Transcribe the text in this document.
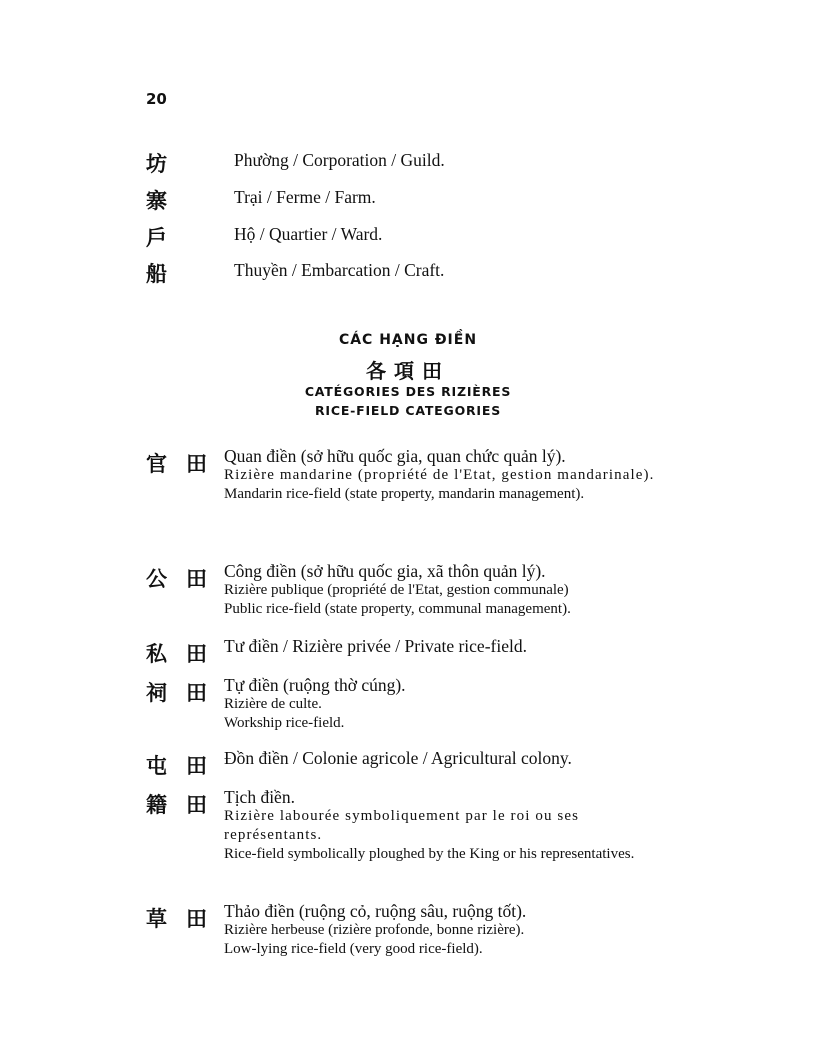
20
坊	Phường / Corporation / Guild.
寨	Trại / Ferme / Farm.
戶	Hộ / Quartier / Ward.
船	Thuyền / Embarcation / Craft.
CÁC HẠNG ĐIỀN
各項田
CATÉGORIES DES RIZIÈRES
RICE-FIELD CATEGORIES
官 田 Quan điền (sở hữu quốc gia, quan chức quản lý).
Rizière mandarine (propriété de l'Etat, gestion mandarinale).
Mandarin rice-field (state property, mandarin management).
公 田 Công điền (sở hữu quốc gia, xã thôn quản lý).
Rizière publique (propriété de l'Etat, gestion communale)
Public rice-field (state property, communal management).
私 田 Tư điền / Rizière privée / Private rice-field.
祠 田 Tự điền (ruộng thờ cúng).
Rizière de culte.
Workship rice-field.
屯 田 Đồn điền / Colonie agricole / Agricultural colony.
籍 田 Tịch điền.
Rizière labourée symboliquement par le roi ou ses représentants.
Rice-field symbolically ploughed by the King or his representatives.
草 田 Thảo điền (ruộng cỏ, ruộng sâu, ruộng tốt).
Rizière herbeuse (rizière profonde, bonne rizière).
Low-lying rice-field (very good rice-field).
